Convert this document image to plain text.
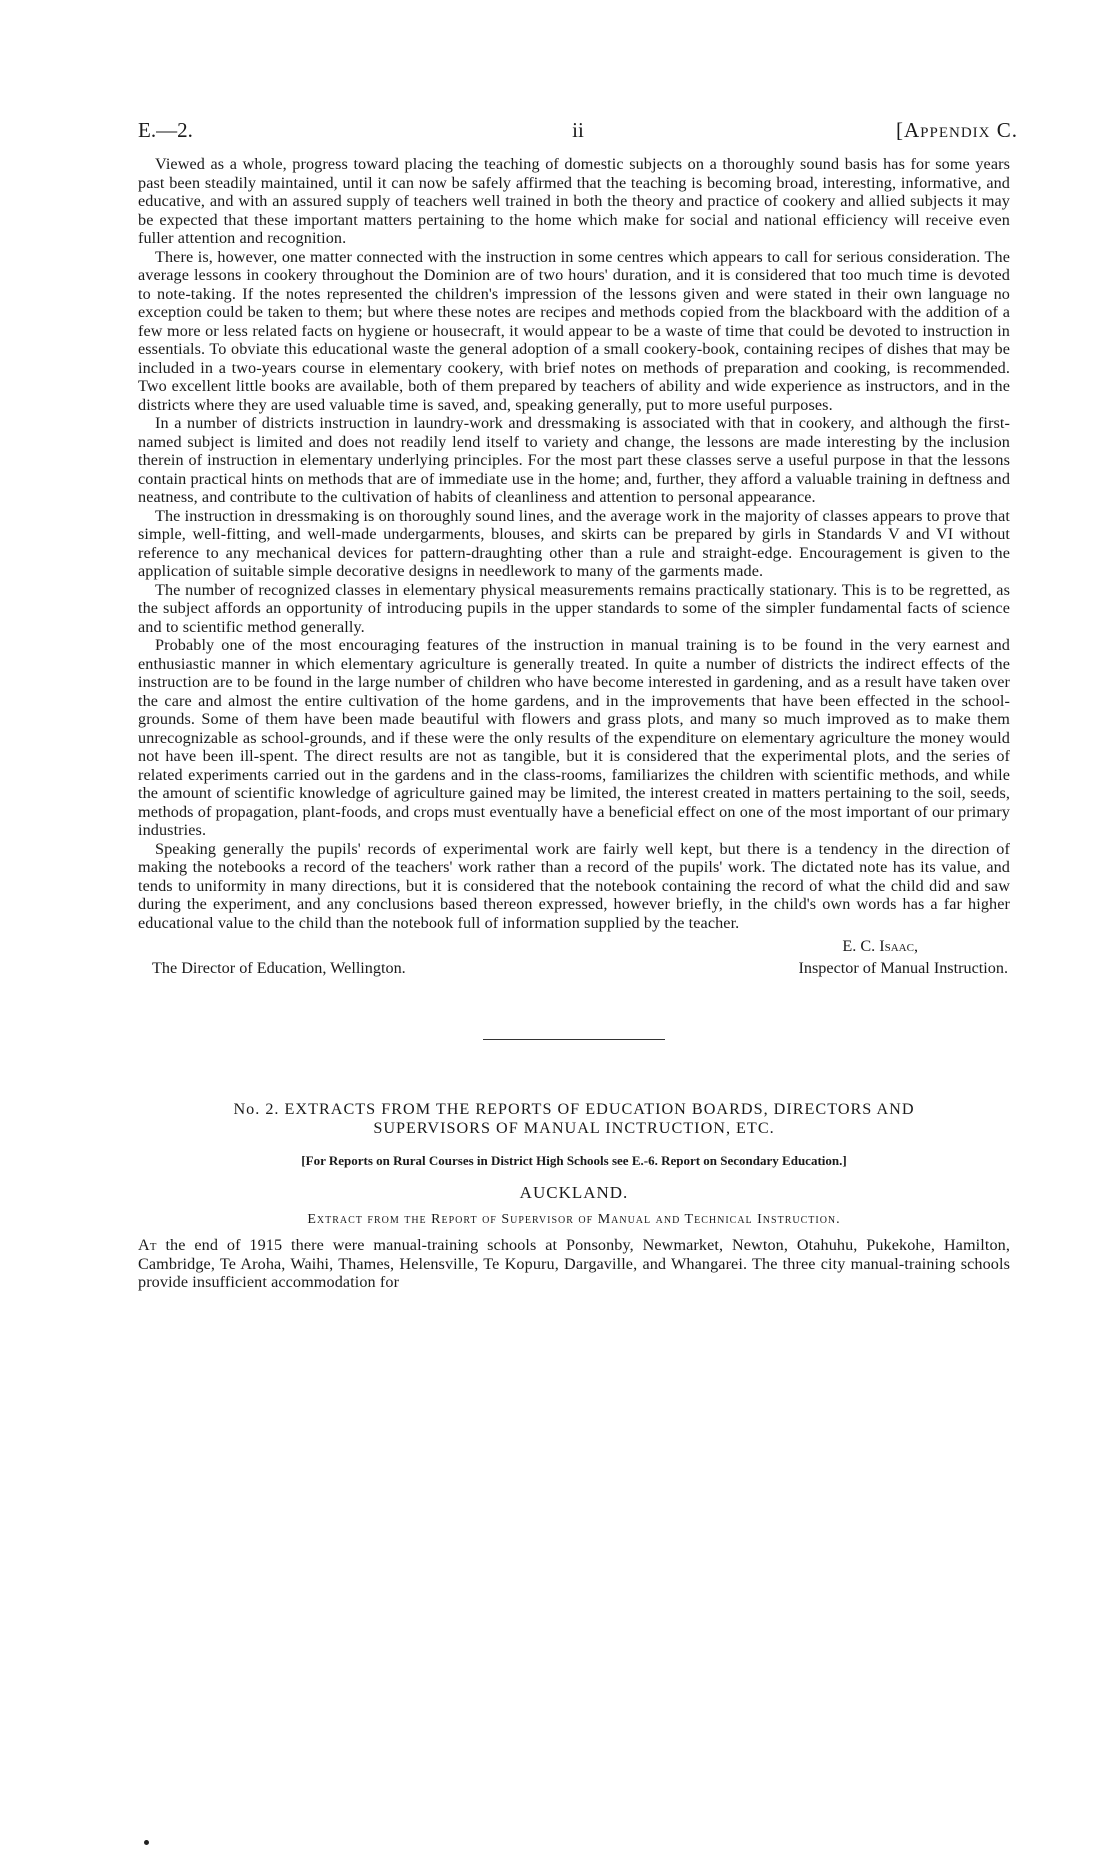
E.—2.	ii	[Appendix C.

Viewed as a whole, progress toward placing the teaching of domestic subjects on a thoroughly sound basis has for some years past been steadily maintained, until it can now be safely affirmed that the teaching is becoming broad, interesting, informative, and educative, and with an assured supply of teachers well trained in both the theory and practice of cookery and allied subjects it may be expected that these important matters pertaining to the home which make for social and national efficiency will receive even fuller attention and recognition.

There is, however, one matter connected with the instruction in some centres which appears to call for serious consideration. The average lessons in cookery throughout the Dominion are of two hours' duration, and it is considered that too much time is devoted to note-taking. If the notes represented the children's impression of the lessons given and were stated in their own language no exception could be taken to them; but where these notes are recipes and methods copied from the blackboard with the addition of a few more or less related facts on hygiene or housecraft, it would appear to be a waste of time that could be devoted to instruction in essentials. To obviate this educational waste the general adoption of a small cookery-book, containing recipes of dishes that may be included in a two-years course in elementary cookery, with brief notes on methods of preparation and cooking, is recommended. Two excellent little books are available, both of them prepared by teachers of ability and wide experience as instructors, and in the districts where they are used valuable time is saved, and, speaking generally, put to more useful purposes.

In a number of districts instruction in laundry-work and dressmaking is associated with that in cookery, and although the first-named subject is limited and does not readily lend itself to variety and change, the lessons are made interesting by the inclusion therein of instruction in elementary underlying principles. For the most part these classes serve a useful purpose in that the lessons contain practical hints on methods that are of immediate use in the home; and, further, they afford a valuable training in deftness and neatness, and contribute to the cultivation of habits of cleanliness and attention to personal appearance.

The instruction in dressmaking is on thoroughly sound lines, and the average work in the majority of classes appears to prove that simple, well-fitting, and well-made undergarments, blouses, and skirts can be prepared by girls in Standards V and VI without reference to any mechanical devices for pattern-draughting other than a rule and straight-edge. Encouragement is given to the application of suitable simple decorative designs in needlework to many of the garments made.

The number of recognized classes in elementary physical measurements remains practically stationary. This is to be regretted, as the subject affords an opportunity of introducing pupils in the upper standards to some of the simpler fundamental facts of science and to scientific method generally.

Probably one of the most encouraging features of the instruction in manual training is to be found in the very earnest and enthusiastic manner in which elementary agriculture is generally treated. In quite a number of districts the indirect effects of the instruction are to be found in the large number of children who have become interested in gardening, and as a result have taken over the care and almost the entire cultivation of the home gardens, and in the improvements that have been effected in the school-grounds. Some of them have been made beautiful with flowers and grass plots, and many so much improved as to make them unrecognizable as school-grounds, and if these were the only results of the expenditure on elementary agriculture the money would not have been ill-spent. The direct results are not as tangible, but it is considered that the experimental plots, and the series of related experiments carried out in the gardens and in the class-rooms, familiarizes the children with scientific methods, and while the amount of scientific knowledge of agriculture gained may be limited, the interest created in matters pertaining to the soil, seeds, methods of propagation, plant-foods, and crops must eventually have a beneficial effect on one of the most important of our primary industries.

Speaking generally the pupils' records of experimental work are fairly well kept, but there is a tendency in the direction of making the notebooks a record of the teachers' work rather than a record of the pupils' work. The dictated note has its value, and tends to uniformity in many directions, but it is considered that the notebook containing the record of what the child did and saw during the experiment, and any conclusions based thereon expressed, however briefly, in the child's own words has a far higher educational value to the child than the notebook full of information supplied by the teacher.

E. C. Isaac,
The Director of Education, Wellington.	Inspector of Manual Instruction.
No. 2. EXTRACTS FROM THE REPORTS OF EDUCATION BOARDS, DIRECTORS AND
SUPERVISORS OF MANUAL INCTRUCTION, ETC.
[For Reports on Rural Courses in District High Schools see E.-6. Report on Secondary Education.]
AUCKLAND.
Extract from the Report of Supervisor of Manual and Technical Instruction.

At the end of 1915 there were manual-training schools at Ponsonby, Newmarket, Newton, Otahuhu, Pukekohe, Hamilton, Cambridge, Te Aroha, Waihi, Thames, Helensville, Te Kopuru, Dargaville, and Whangarei. The three city manual-training schools provide insufficient accommodation for
